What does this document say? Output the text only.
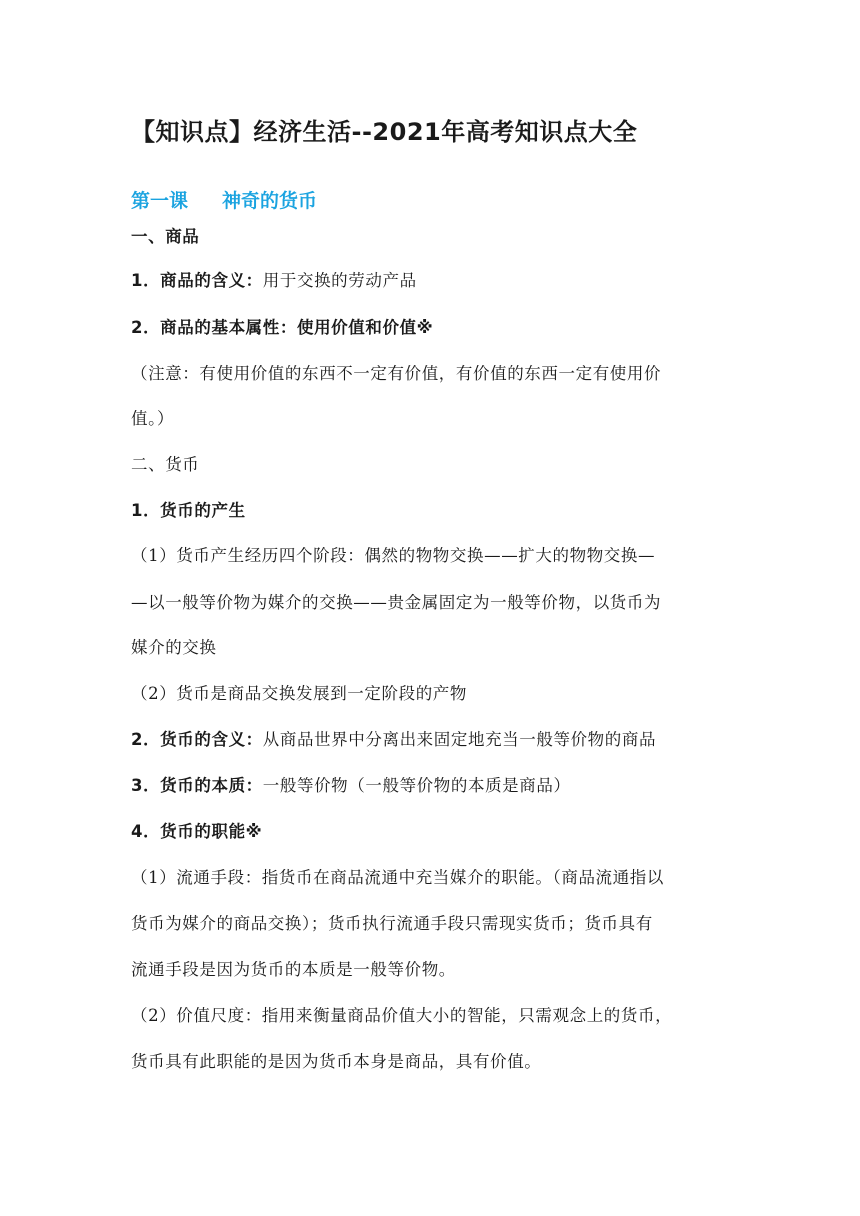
【知识点】经济生活--2021年高考知识点大全
第一课 神奇的货币
一、商品
1．商品的含义：用于交换的劳动产品
2．商品的基本属性：使用价值和价值※
（注意：有使用价值的东西不一定有价值，有价值的东西一定有使用价
值。）
二、货币
1．货币的产生
（1）货币产生经历四个阶段：偶然的物物交换——扩大的物物交换—
—以一般等价物为媒介的交换——贵金属固定为一般等价物，以货币为
媒介的交换
（2）货币是商品交换发展到一定阶段的产物
2．货币的含义：从商品世界中分离出来固定地充当一般等价物的商品
3．货币的本质：一般等价物（一般等价物的本质是商品）
4．货币的职能※
（1）流通手段：指货币在商品流通中充当媒介的职能。（商品流通指以
货币为媒介的商品交换）；货币执行流通手段只需现实货币；货币具有
流通手段是因为货币的本质是一般等价物。
（2）价值尺度：指用来衡量商品价值大小的智能，只需观念上的货币，
货币具有此职能的是因为货币本身是商品，具有价值。
